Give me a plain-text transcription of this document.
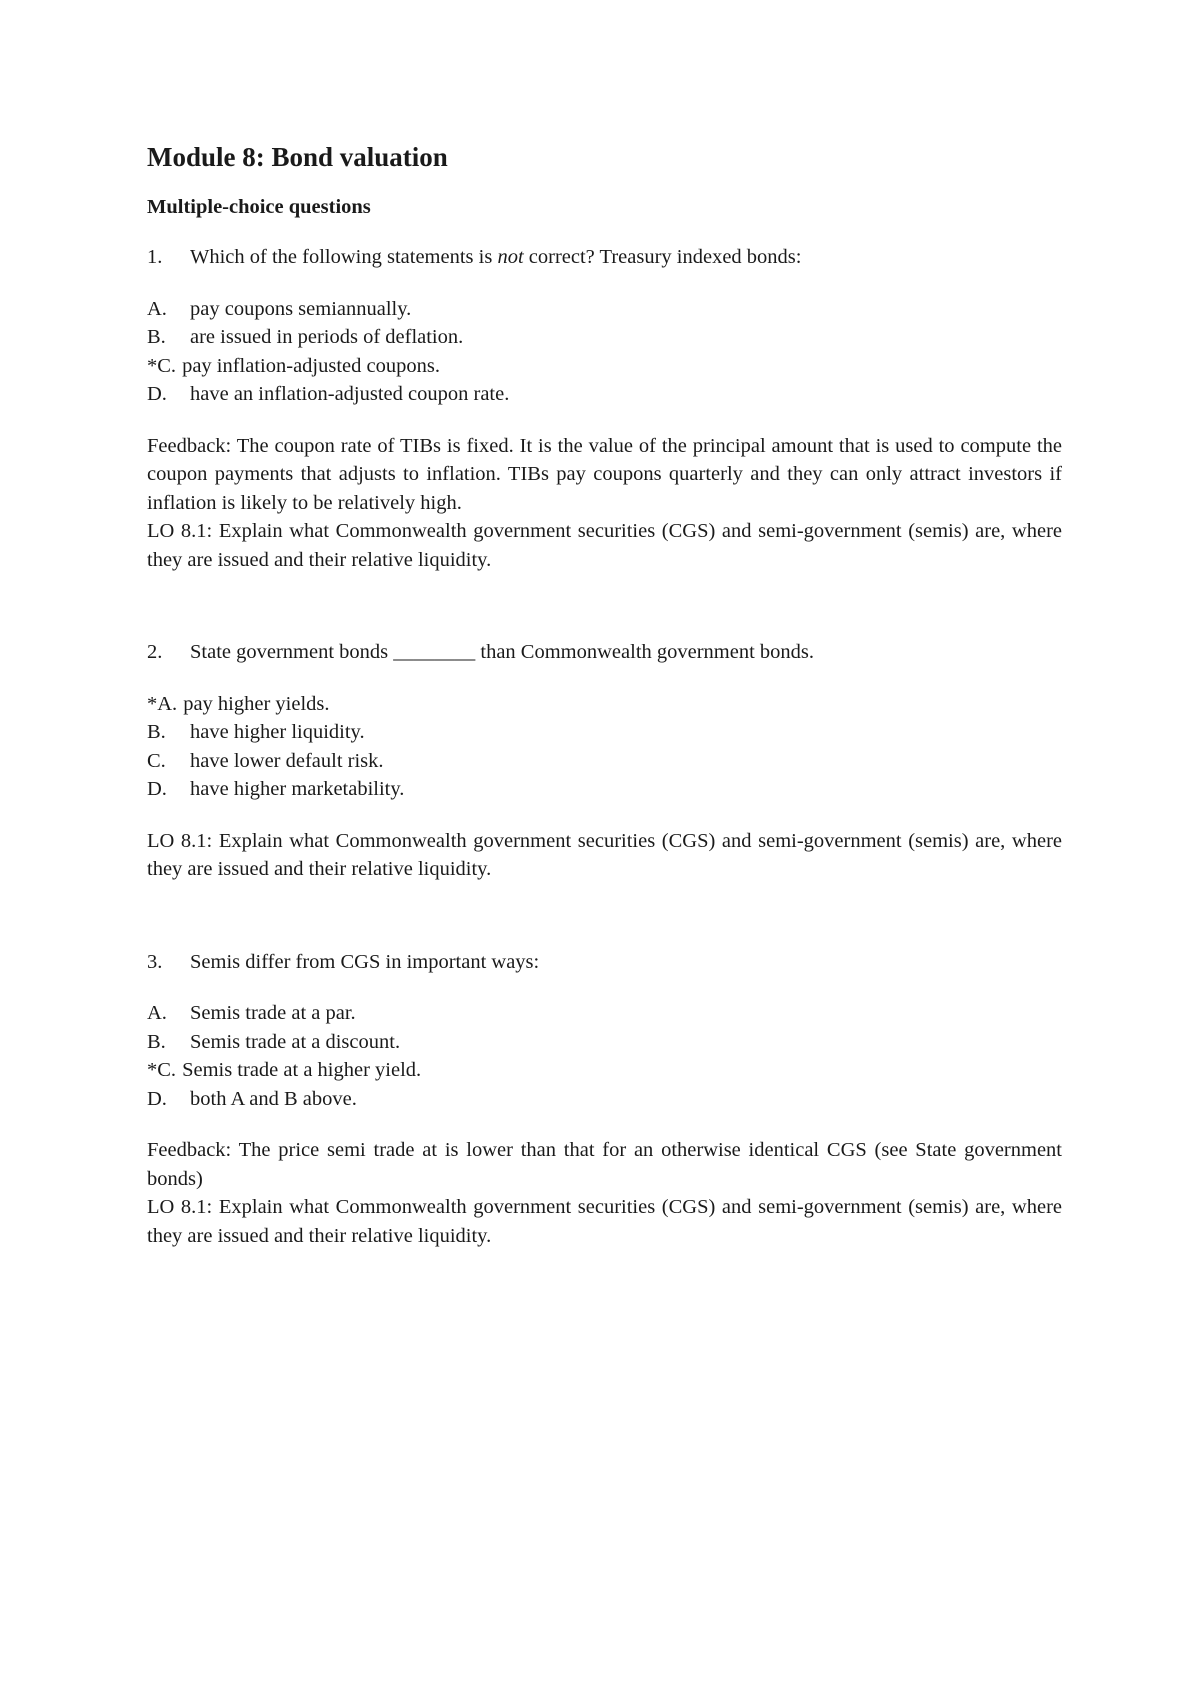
Module 8: Bond valuation
Multiple-choice questions
1.	Which of the following statements is not correct? Treasury indexed bonds:
A.	pay coupons semiannually.
B.	are issued in periods of deflation.
*C. pay inflation-adjusted coupons.
D.	have an inflation-adjusted coupon rate.

Feedback: The coupon rate of TIBs is fixed. It is the value of the principal amount that is used to compute the coupon payments that adjusts to inflation. TIBs pay coupons quarterly and they can only attract investors if inflation is likely to be relatively high.

LO 8.1: Explain what Commonwealth government securities (CGS) and semi-government (semis) are, where they are issued and their relative liquidity.

2.	State government bonds ________ than Commonwealth government bonds.
*A. pay higher yields.
B.	have higher liquidity.
C.	have lower default risk.
D.	have higher marketability.

LO 8.1: Explain what Commonwealth government securities (CGS) and semi-government (semis) are, where they are issued and their relative liquidity.

3.	Semis differ from CGS in important ways:
A.	Semis trade at a par.
B.	Semis trade at a discount.
*C. Semis trade at a higher yield.
D.	both A and B above.

Feedback: The price semi trade at is lower than that for an otherwise identical CGS (see State government bonds)

LO 8.1: Explain what Commonwealth government securities (CGS) and semi-government (semis) are, where they are issued and their relative liquidity.
